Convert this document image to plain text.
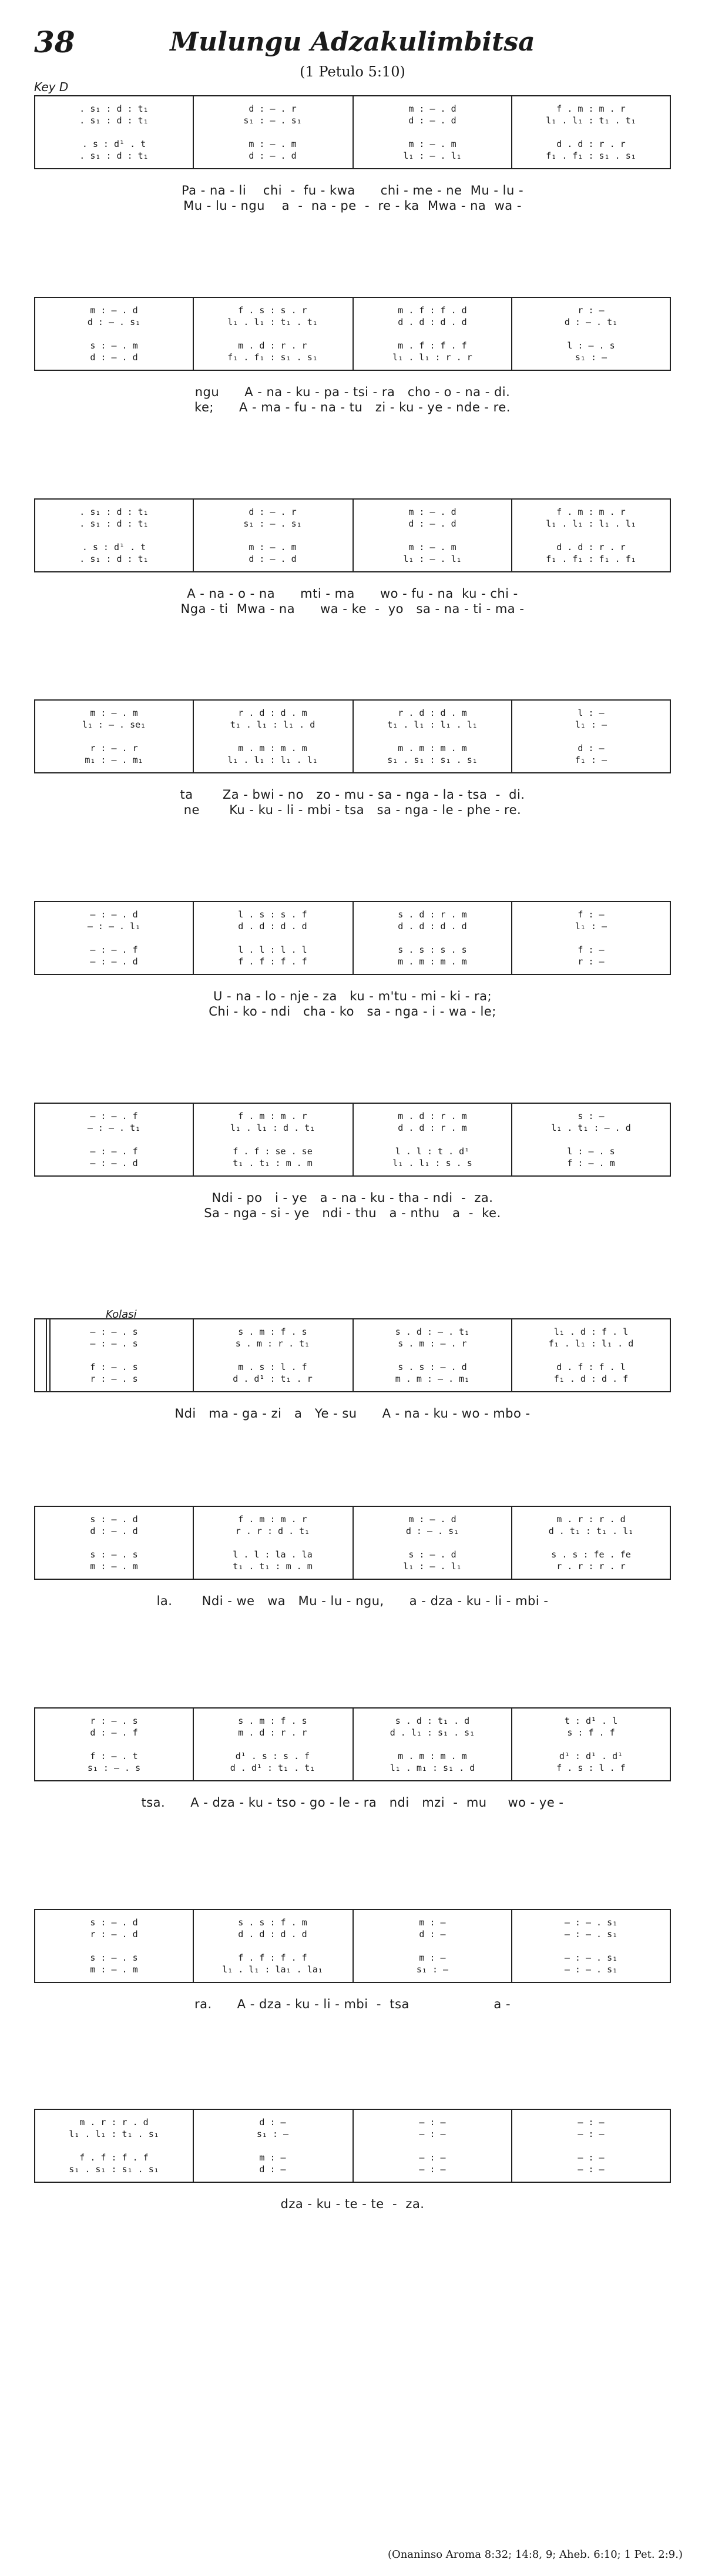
38	Mulungu Adzakulimbitsa
(1 Petulo 5:10)
Key D
Kolasi
. s₁ : d : t₁	d : – . r	m : – . d	f . m : m . r
. s₁ : d : t₁	s₁ : – . s₁	d : – . d	l₁ . l₁ : t₁ . t₁
. s : d¹ . t	m : – . m	m : – . m	d . d : r . r
. s₁ : d : t₁	d : – . d	l₁ : – . l₁	f₁ . f₁ : s₁ . s₁
Pa - na - li    chi  -  fu - kwa      chi - me - ne  Mu - lu -
Mu - lu - ngu    a  -  na - pe  -  re - ka  Mwa - na  wa -
m : – . d	f . s : s . r	m . f : f . d	r : —
d : – . s₁	l₁ . l₁ : t₁ . t₁	d . d : d . d	d : – . t₁
s : – . m	m . d : r . r	m . f : f . f	l : – . s
d : – . d	f₁ . f₁ : s₁ . s₁	l₁ . l₁ : r . r	s₁ : —
ngu      A - na - ku - pa - tsi - ra   cho - o - na - di.
ke;      A - ma - fu - na - tu   zi - ku - ye - nde - re.
. s₁ : d : t₁	d : – . r	m : – . d	f . m : m . r
. s₁ : d : t₁	s₁ : – . s₁	d : – . d	l₁ . l₁ : l₁ . l₁
. s : d¹ . t	m : – . m	m : – . m	d . d : r . r
. s₁ : d : t₁	d : – . d	l₁ : – . l₁	f₁ . f₁ : f₁ . f₁
A - na - o - na      mti - ma      wo - fu - na  ku - chi -
Nga - ti  Mwa - na      wa - ke  -  yo   sa - na - ti - ma -
m : – . m	r . d : d . m	r . d : d . m	l : —
l₁ : – . se₁	t₁ . l₁ : l₁ . d	t₁ . l₁ : l₁ . l₁	l₁ : —
r : – . r	m . m : m . m	m . m : m . m	d : —
m₁ : – . m₁	l₁ . l₁ : l₁ . l₁	s₁ . s₁ : s₁ . s₁	f₁ : —
ta       Za - bwi - no   zo - mu - sa - nga - la - tsa  -  di.
ne       Ku - ku - li - mbi - tsa   sa - nga - le - phe - re.
— : – . d	l . s : s . f	s . d : r . m	f : —
— : – . l₁	d . d : d . d	d . d : d . d	l₁ : —
— : – . f	l . l : l . l	s . s : s . s	f : —
— : – . d	f . f : f . f	m . m : m . m	r : —
U - na - lo - nje - za   ku - m'tu - mi - ki - ra;
Chi - ko - ndi   cha - ko   sa - nga - i - wa - le;
— : – . f	f . m : m . r	m . d : r . m	s : —
— : – . t₁	l₁ . l₁ : d . t₁	d . d : r . m	l₁ . t₁ : – . d
— : – . f	f . f : se . se	l . l : t . d¹	l : – . s
— : – . d	t₁ . t₁ : m . m	l₁ . l₁ : s . s	f : – . m
Ndi - po   i - ye   a - na - ku - tha - ndi  -  za.
Sa - nga - si - ye   ndi - thu   a - nthu   a  -  ke.
— : – . s	s . m : f . s	s . d : – . t₁	l₁ . d : f . l
— : – . s	s . m : r . t₁	s . m : – . r	f₁ . l₁ : l₁ . d
f : – . s	m . s : l . f	s . s : – . d	d . f : f . l
r : – . s	d . d¹ : t₁ . r	m . m : – . m₁	f₁ . d : d . f
Ndi   ma - ga - zi   a   Ye - su      A - na - ku - wo - mbo -
s : – . d	f . m : m . r	m : – . d	m . r : r . d
d : – . d	r . r : d . t₁	d : – . s₁	d . t₁ : t₁ . l₁
s : – . s	l . l : la . la	s : – . d	s . s : fe . fe
m : – . m	t₁ . t₁ : m . m	l₁ : – . l₁	r . r : r . r
la.       Ndi - we   wa   Mu - lu - ngu,      a - dza - ku - li - mbi -
r : – . s	s . m : f . s	s . d : t₁ . d	t : d¹ . l
d : – . f	m . d : r . r	d . l₁ : s₁ . s₁	s : f . f
f : – . t	d¹ . s : s . f	m . m : m . m	d¹ : d¹ . d¹
s₁ : – . s	d . d¹ : t₁ . t₁	l₁ . m₁ : s₁ . d	f . s : l . f
tsa.      A - dza - ku - tso - go - le - ra   ndi   mzi  -  mu     wo - ye -
s : – . d	s . s : f . m	m : —	— : – . s₁
r : – . d	d . d : d . d	d : —	— : – . s₁
s : – . s	f . f : f . f	m : —	— : – . s₁
m : – . m	l₁ . l₁ : la₁ . la₁	s₁ : —	— : – . s₁
ra.      A - dza - ku - li - mbi  -  tsa                    a -
m . r : r . d	d : —	— : —	— : —
l₁ . l₁ : t₁ . s₁	s₁ : —	— : —	— : —
f . f : f . f	m : —	— : —	— : —
s₁ . s₁ : s₁ . s₁	d : —	— : —	— : —
dza - ku - te - te  -  za.
(Onaninso Aroma 8:32; 14:8, 9; Aheb. 6:10; 1 Pet. 2:9.)
